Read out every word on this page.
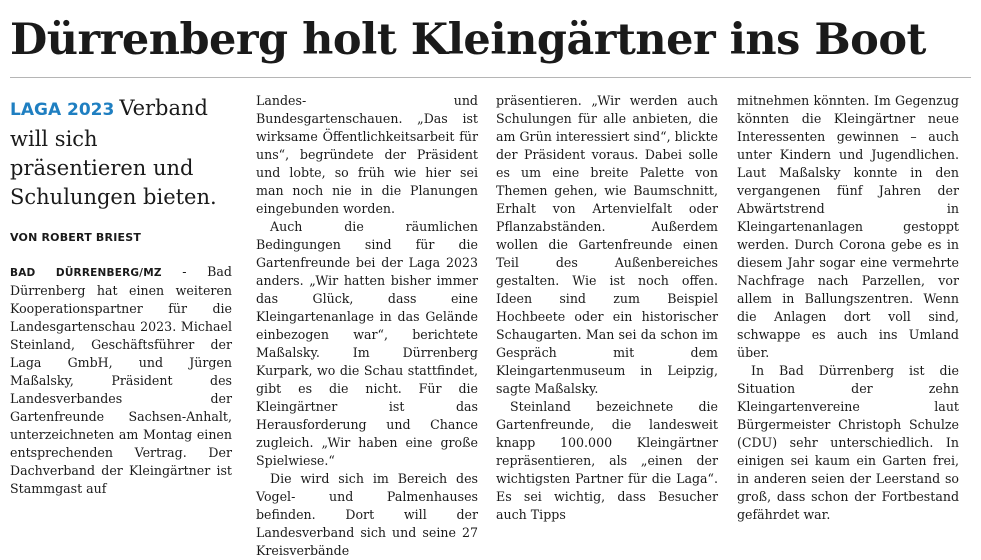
Dürrenberg holt Kleingärtner ins Boot

LAGA 2023 Verband will sich präsentieren und Schulungen bieten.

VON ROBERT BRIEST

BAD DÜRRENBERG/MZ - Bad Dürrenberg hat einen weiteren Kooperationspartner für die Landesgartenschau 2023. Michael Steinland, Geschäftsführer der Laga GmbH, und Jürgen Maßalsky, Präsident des Landesverbandes der Gartenfreunde Sachsen-Anhalt, unterzeichneten am Montag einen entsprechenden Vertrag. Der Dachverband der Kleingärtner ist Stammgast auf

Landes- und Bundesgartenschauen. „Das ist wirksame Öffentlichkeitsarbeit für uns“, begründete der Präsident und lobte, so früh wie hier sei man noch nie in die Planungen eingebunden worden.

Auch die räumlichen Bedingungen sind für die Gartenfreunde bei der Laga 2023 anders. „Wir hatten bisher immer das Glück, dass eine Kleingartenanlage in das Gelände einbezogen war“, berichtete Maßalsky. Im Dürrenberg Kurpark, wo die Schau stattfindet, gibt es die nicht. Für die Kleingärtner ist das Herausforderung und Chance zugleich. „Wir haben eine große Spielwiese.“

Die wird sich im Bereich des Vogel- und Palmenhauses befinden. Dort will der Landesverband sich und seine 27 Kreisverbände

präsentieren. „Wir werden auch Schulungen für alle anbieten, die am Grün interessiert sind“, blickte der Präsident voraus. Dabei solle es um eine breite Palette von Themen gehen, wie Baumschnitt, Erhalt von Artenvielfalt oder Pflanzabständen. Außerdem wollen die Gartenfreunde einen Teil des Außenbereiches gestalten. Wie ist noch offen. Ideen sind zum Beispiel Hochbeete oder ein historischer Schaugarten. Man sei da schon im Gespräch mit dem Kleingartenmuseum in Leipzig, sagte Maßalsky.

Steinland bezeichnete die Gartenfreunde, die landesweit knapp 100.000 Kleingärtner repräsentieren, als „einen der wichtigsten Partner für die Laga“. Es sei wichtig, dass Besucher auch Tipps

mitnehmen könnten. Im Gegenzug könnten die Kleingärtner neue Interessenten gewinnen – auch unter Kindern und Jugendlichen. Laut Maßalsky konnte in den vergangenen fünf Jahren der Abwärtstrend in Kleingartenanlagen gestoppt werden. Durch Corona gebe es in diesem Jahr sogar eine vermehrte Nachfrage nach Parzellen, vor allem in Ballungszentren. Wenn die Anlagen dort voll sind, schwappe es auch ins Umland über.

In Bad Dürrenberg ist die Situation der zehn Kleingartenvereine laut Bürgermeister Christoph Schulze (CDU) sehr unterschiedlich. In einigen sei kaum ein Garten frei, in anderen seien der Leerstand so groß, dass schon der Fortbestand gefährdet war.
